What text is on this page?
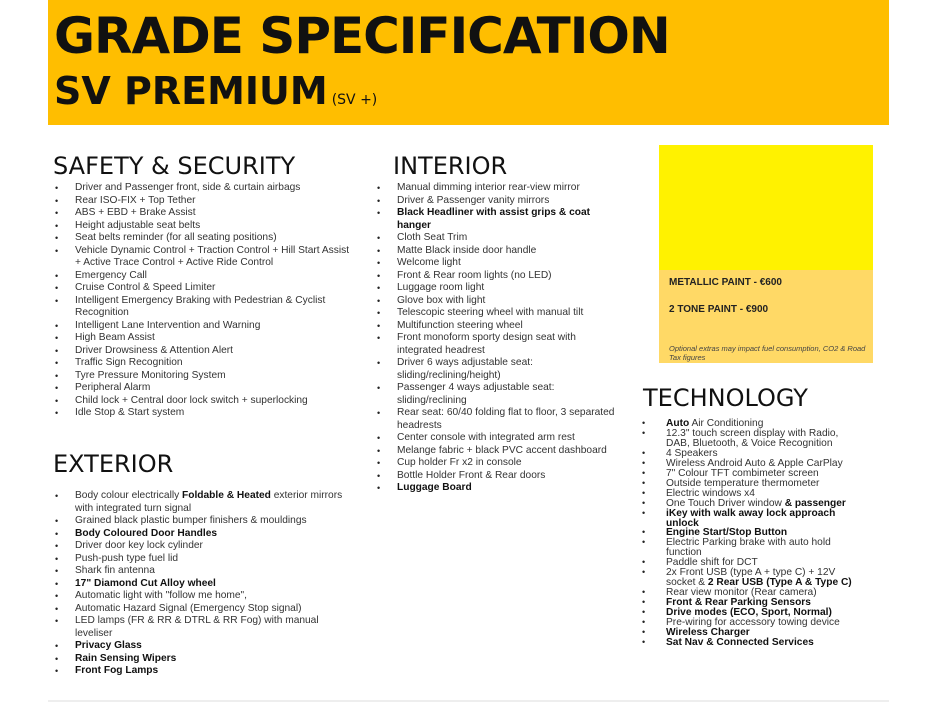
GRADE SPECIFICATION
SV PREMIUM (SV +)
SAFETY & SECURITY
• Driver and Passenger front, side & curtain airbags
• Rear ISO-FIX + Top Tether
• ABS + EBD + Brake Assist
• Height adjustable seat belts
• Seat belts reminder (for all seating positions)
• Vehicle Dynamic Control + Traction Control + Hill Start Assist + Active Trace Control + Active Ride Control
• Emergency Call
• Cruise Control & Speed Limiter
• Intelligent Emergency Braking with Pedestrian & Cyclist Recognition
• Intelligent Lane Intervention and Warning
• High Beam Assist
• Driver Drowsiness & Attention Alert
• Traffic Sign Recognition
• Tyre Pressure Monitoring System
• Peripheral Alarm
• Child lock + Central door lock switch + superlocking
• Idle Stop & Start system
EXTERIOR
• Body colour electrically Foldable & Heated exterior mirrors with integrated turn signal
• Grained black plastic bumper finishers & mouldings
• Body Coloured Door Handles
• Driver door key lock cylinder
• Push-push type fuel lid
• Shark fin antenna
• 17" Diamond Cut Alloy wheel
• Automatic light with "follow me home",
• Automatic Hazard Signal (Emergency Stop signal)
• LED lamps (FR & RR & DTRL & RR Fog) with manual leveliser
• Privacy Glass
• Rain Sensing Wipers
• Front Fog Lamps
INTERIOR
• Manual dimming interior rear-view mirror
• Driver & Passenger vanity mirrors
• Black Headliner with assist grips & coat hanger
• Cloth Seat Trim
• Matte Black inside door handle
• Welcome light
• Front & Rear room lights (no LED)
• Luggage room light
• Glove box with light
• Telescopic steering wheel with manual tilt
• Multifunction steering wheel
• Front monoform sporty design seat with integrated headrest
• Driver 6 ways adjustable seat: sliding/reclining/height)
• Passenger 4 ways adjustable seat: sliding/reclining
• Rear seat: 60/40 folding flat to floor, 3 separated headrests
• Center console with integrated arm rest
• Melange fabric + black PVC accent dashboard
• Cup holder Fr x2 in console
• Bottle Holder Front & Rear doors
• Luggage Board
METALLIC PAINT - €600
2 TONE PAINT - €900
Optional extras may impact fuel consumption, CO2 & Road Tax figures
TECHNOLOGY
• Auto Air Conditioning
• 12.3" touch screen display with Radio, DAB, Bluetooth, & Voice Recognition
• 4 Speakers
• Wireless Android Auto & Apple CarPlay
• 7" Colour TFT combimeter screen
• Outside temperature thermometer
• Electric windows x4
• One Touch Driver window & passenger
• iKey with walk away lock approach unlock
• Engine Start/Stop Button
• Electric Parking brake with auto hold function
• Paddle shift for DCT
• 2x Front USB (type A + type C) + 12V socket & 2 Rear USB (Type A & Type C)
• Rear view monitor (Rear camera)
• Front & Rear Parking Sensors
• Drive modes (ECO, Sport, Normal)
• Pre-wiring for accessory towing device
• Wireless Charger
• Sat Nav & Connected Services
